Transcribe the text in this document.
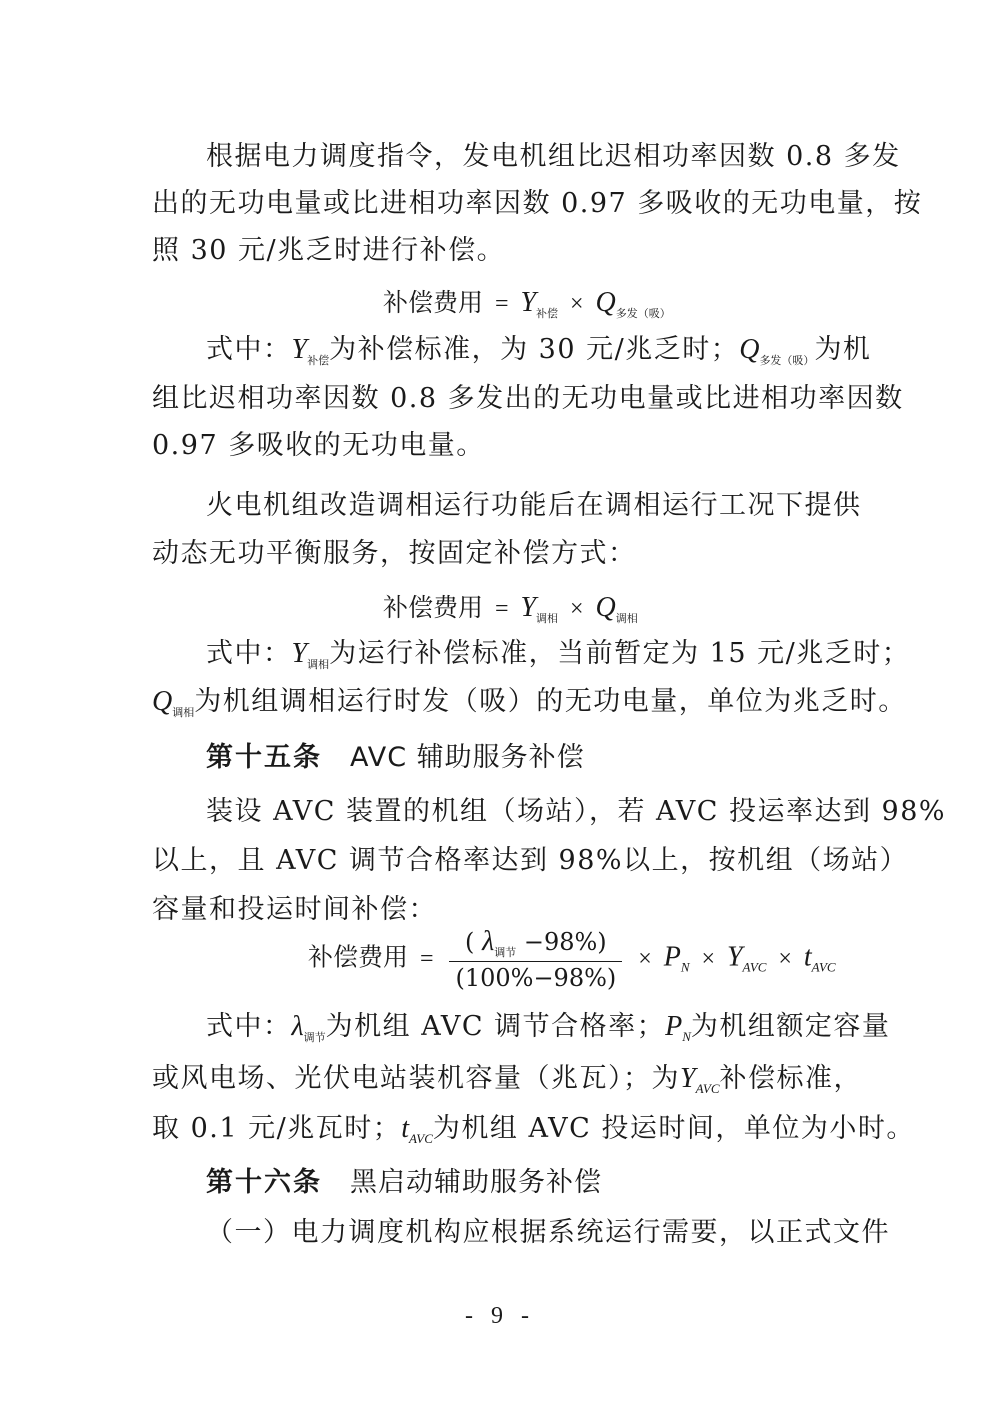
根据电力调度指令，发电机组比迟相功率因数 0.8 多发
出的无功电量或比进相功率因数 0.97 多吸收的无功电量，按
照 30 元/兆乏时进行补偿。
补偿费用 = $Y_{补偿} \times Q_{多发(吸)}$
式中：$Y_{补偿}$为补偿标准，为 30 元/兆乏时；$Q_{多发(吸)}$为机
组比迟相功率因数 0.8 多发出的无功电量或比进相功率因数
0.97 多吸收的无功电量。
火电机组改造调相运行功能后在调相运行工况下提供
动态无功平衡服务，按固定补偿方式：
补偿费用 = $Y_{调相} \times Q_{调相}$
式中：$Y_{调相}$为运行补偿标准，当前暂定为 15 元/兆乏时；
$Q_{调相}$为机组调相运行时发（吸）的无功电量，单位为兆乏时。
第十五条 AVC 辅助服务补偿
装设 AVC 装置的机组（场站），若 AVC 投运率达到 98%
以上，且 AVC 调节合格率达到 98%以上，按机组（场站）
容量和投运时间补偿：
补偿费用 = $\frac{( \lambda_{调节} -98\%)}{(100\%-98\%)} \times P_N \times Y_{AVC} \times t_{AVC}$
式中：$\lambda_{调节}$为机组 AVC 调节合格率；$P_N$为机组额定容量
或风电场、光伏电站装机容量（兆瓦）；为$Y_{AVC}$补偿标准，
取 0.1 元/兆瓦时；$t_{AVC}$为机组 AVC 投运时间，单位为小时。
第十六条 黑启动辅助服务补偿
（一）电力调度机构应根据系统运行需要，以正式文件
- 9 -
